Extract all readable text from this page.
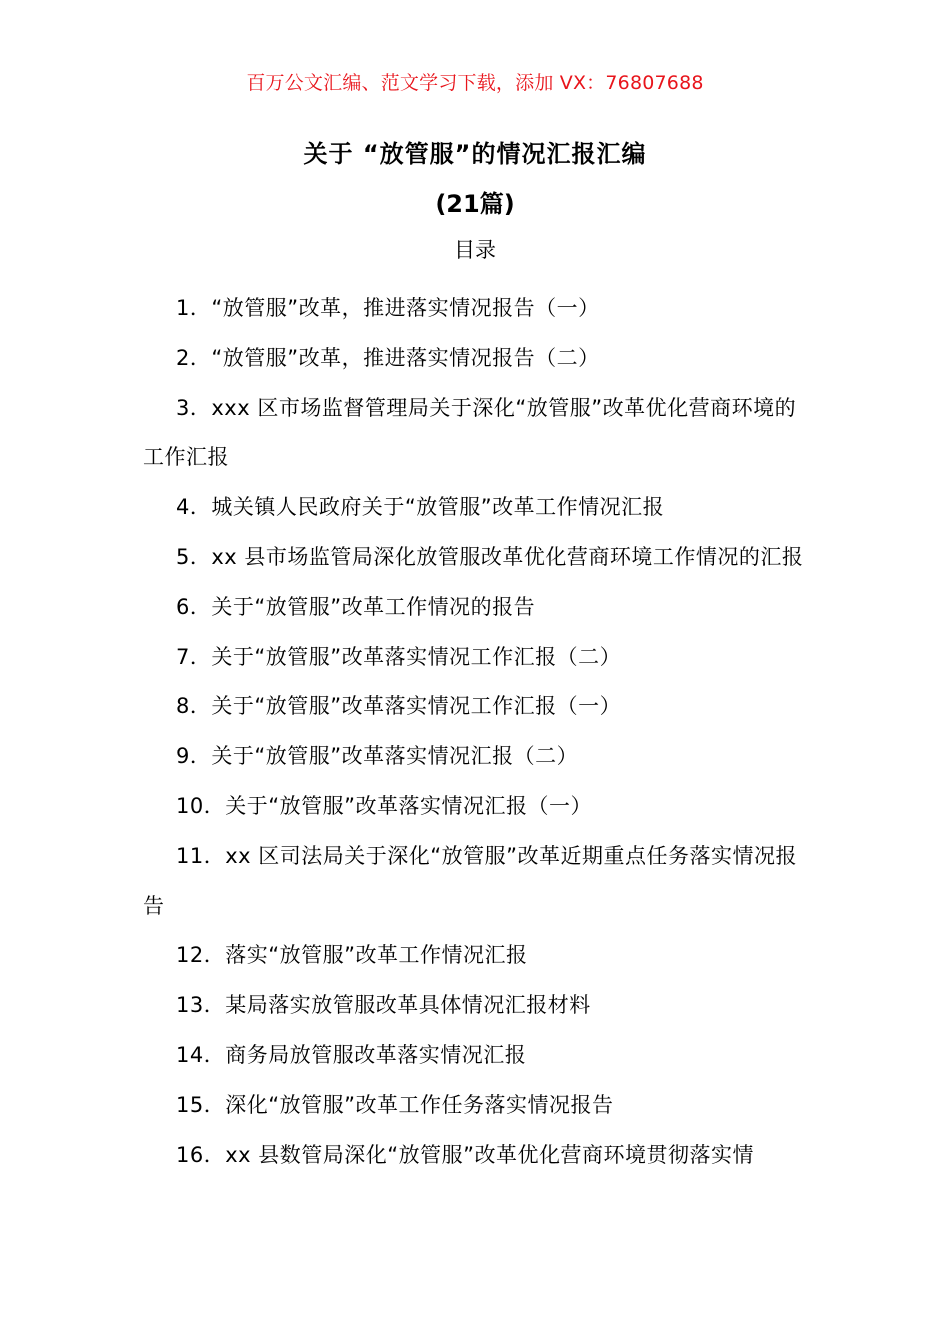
百万公文汇编、范文学习下载，添加 VX：76807688
关于 “放管服”的情况汇报汇编
(21篇)
目录
1．“放管服”改革，推进落实情况报告（一）
2．“放管服”改革，推进落实情况报告（二）
3．xxx 区市场监督管理局关于深化“放管服”改革优化营商环境的工作汇报
4．城关镇人民政府关于“放管服”改革工作情况汇报
5．xx 县市场监管局深化放管服改革优化营商环境工作情况的汇报
6．关于“放管服”改革工作情况的报告
7．关于“放管服”改革落实情况工作汇报（二）
8．关于“放管服”改革落实情况工作汇报（一）
9．关于“放管服”改革落实情况汇报（二）
10．关于“放管服”改革落实情况汇报（一）
11．xx 区司法局关于深化“放管服”改革近期重点任务落实情况报告
12．落实“放管服”改革工作情况汇报
13．某局落实放管服改革具体情况汇报材料
14．商务局放管服改革落实情况汇报
15．深化“放管服”改革工作任务落实情况报告
16．xx 县数管局深化“放管服”改革优化营商环境贯彻落实情
